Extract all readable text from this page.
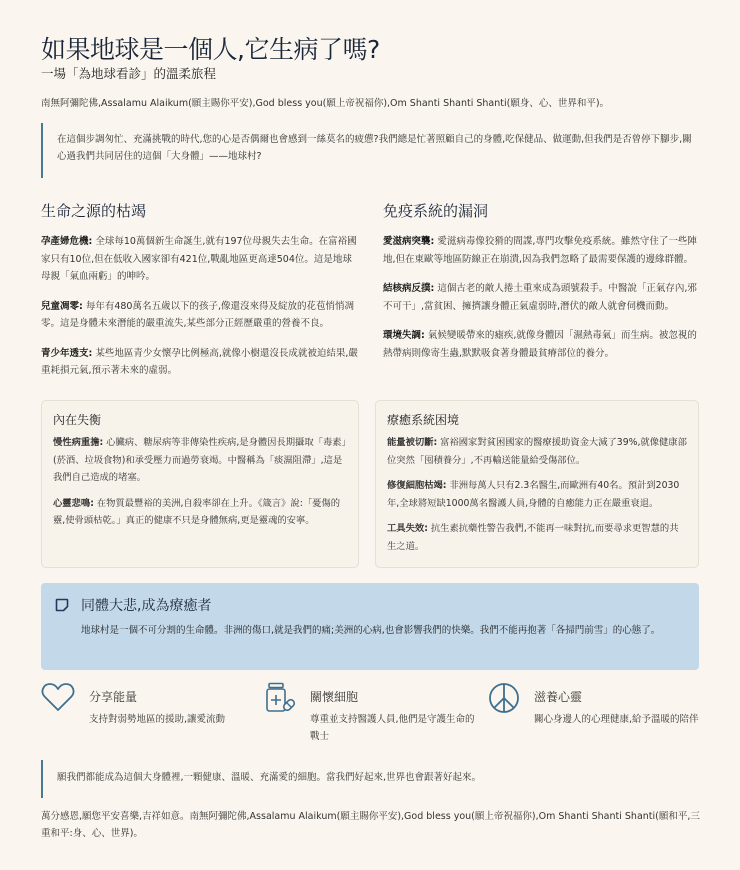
如果地球是一個人,它生病了嗎?
一場「為地球看診」的溫柔旅程
南無阿彌陀佛,Assalamu Alaikum(願主賜你平安),God bless you(願上帝祝福你),Om Shanti Shanti Shanti(願身、心、世界和平)。
在這個步調匆忙、充滿挑戰的時代,您的心是否偶爾也會感到一絲莫名的疲憊?我們總是忙著照顧自己的身體,吃保健品、做運動,但我們是否曾停下腳步,關心過我們共同居住的這個「大身體」——地球村?
生命之源的枯竭

孕產婦危機: 全球每10萬個新生命誕生,就有197位母親失去生命。在富裕國家只有10位,但在低收入國家卻有421位,戰亂地區更高達504位。這是地球母親「氣血兩虧」的呻吟。

兒童凋零: 每年有480萬名五歲以下的孩子,像還沒來得及綻放的花苞悄悄凋零。這是身體未來潛能的嚴重流失,某些部分正經歷嚴重的營養不良。

青少年透支: 某些地區青少女懷孕比例極高,就像小樹還沒長成就被迫結果,嚴重耗損元氣,預示著未來的虛弱。

免疫系統的漏洞

愛滋病突襲: 愛滋病毒像狡猾的間諜,專門攻擊免疫系統。雖然守住了一些陣地,但在東歐等地區防線正在崩潰,因為我們忽略了最需要保護的邊緣群體。

結核病反撲: 這個古老的敵人捲土重來成為頭號殺手。中醫說「正氣存內,邪不可干」,當貧困、擁擠讓身體正氣虛弱時,潛伏的敵人就會伺機而動。

環境失調: 氣候變暖帶來的瘧疾,就像身體因「濕熱毒氣」而生病。被忽視的熱帶病則像寄生蟲,默默吸食著身體最貧瘠部位的養分。

內在失衡

慢性病重擔: 心臟病、糖尿病等非傳染性疾病,是身體因長期攝取「毒素」(菸酒、垃圾食物)和承受壓力而過勞衰竭。中醫稱為「痰濕阻滯」,這是我們自己造成的堵塞。

心靈悲鳴: 在物質最豐裕的美洲,自殺率卻在上升。《箴言》說:「憂傷的靈,使骨頭枯乾。」真正的健康不只是身體無病,更是靈魂的安寧。

療癒系統困境

能量被切斷: 富裕國家對貧困國家的醫療援助資金大減了39%,就像健康部位突然「囤積養分」,不再輸送能量給受傷部位。

修復細胞枯竭: 非洲每萬人只有2.3名醫生,而歐洲有40名。預計到2030年,全球將短缺1000萬名醫護人員,身體的自癒能力正在嚴重衰退。

工具失效: 抗生素抗藥性警告我們,不能再一味對抗,而要尋求更智慧的共生之道。

同體大悲,成為療癒者

地球村是一個不可分割的生命體。非洲的傷口,就是我們的痛;美洲的心病,也會影響我們的快樂。我們不能再抱著「各掃門前雪」的心態了。

分享能量

支持對弱勢地區的援助,讓愛流動

關懷細胞

尊重並支持醫護人員,他們是守護生命的戰士

滋養心靈

關心身邊人的心理健康,給予溫暖的陪伴

願我們都能成為這個大身體裡,一顆健康、溫暖、充滿愛的細胞。當我們好起來,世界也會跟著好起來。
萬分感恩,願您平安喜樂,吉祥如意。南無阿彌陀佛,Assalamu Alaikum(願主賜你平安),God bless you(願上帝祝福你),Om Shanti Shanti Shanti(願和平,三重和平:身、心、世界)。
